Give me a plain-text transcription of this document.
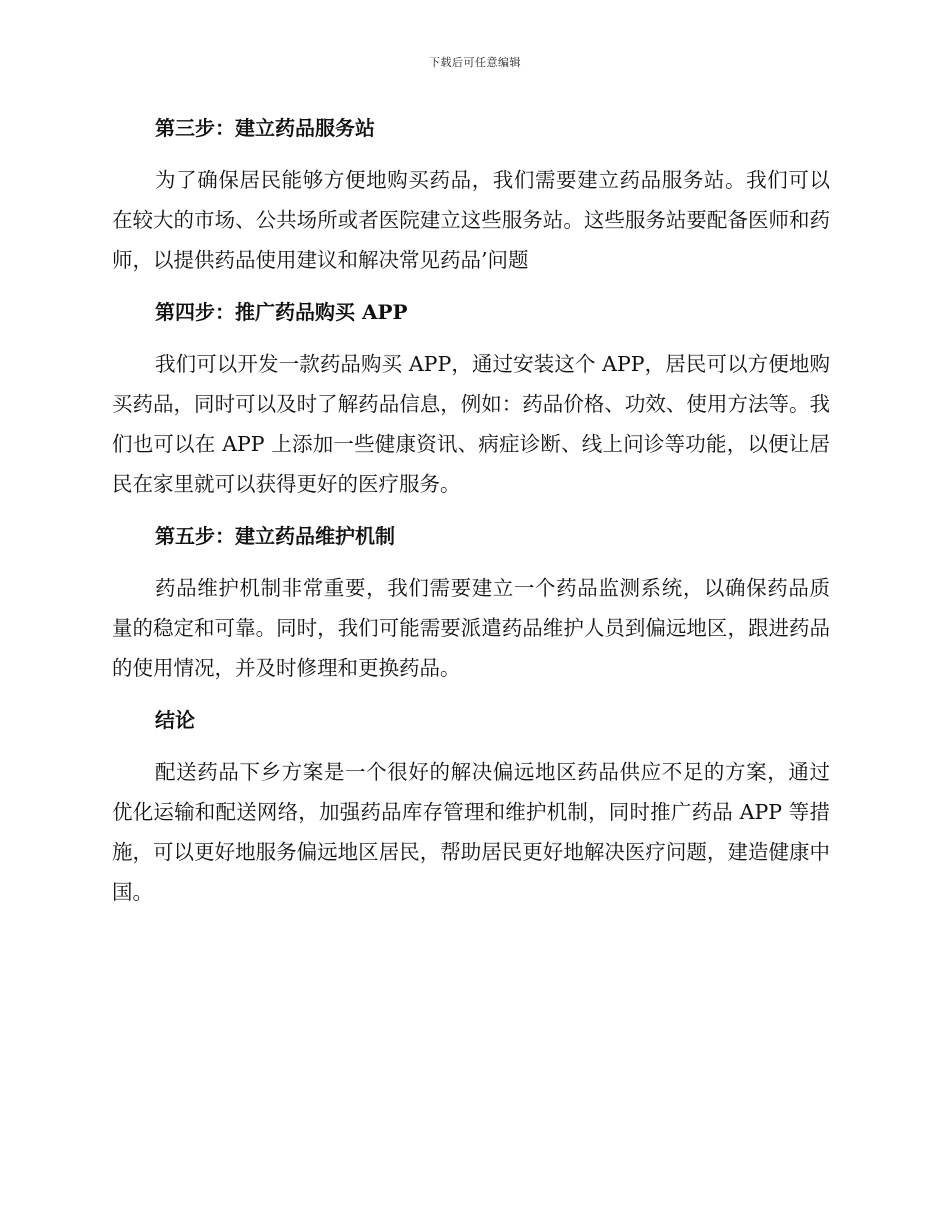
下载后可任意编辑
第三步：建立药品服务站

为了确保居民能够方便地购买药品，我们需要建立药品服务站。我们可以在较大的市场、公共场所或者医院建立这些服务站。这些服务站要配备医师和药师，以提供药品使用建议和解决常见药品’问题

第四步：推广药品购买 APP

我们可以开发一款药品购买 APP，通过安装这个 APP，居民可以方便地购买药品，同时可以及时了解药品信息，例如：药品价格、功效、使用方法等。我们也可以在 APP 上添加一些健康资讯、病症诊断、线上问诊等功能，以便让居民在家里就可以获得更好的医疗服务。

第五步：建立药品维护机制

药品维护机制非常重要，我们需要建立一个药品监测系统，以确保药品质量的稳定和可靠。同时，我们可能需要派遣药品维护人员到偏远地区，跟进药品的使用情况，并及时修理和更换药品。

结论

配送药品下乡方案是一个很好的解决偏远地区药品供应不足的方案，通过优化运输和配送网络，加强药品库存管理和维护机制，同时推广药品 APP 等措施，可以更好地服务偏远地区居民，帮助居民更好地解决医疗问题，建造健康中国。
